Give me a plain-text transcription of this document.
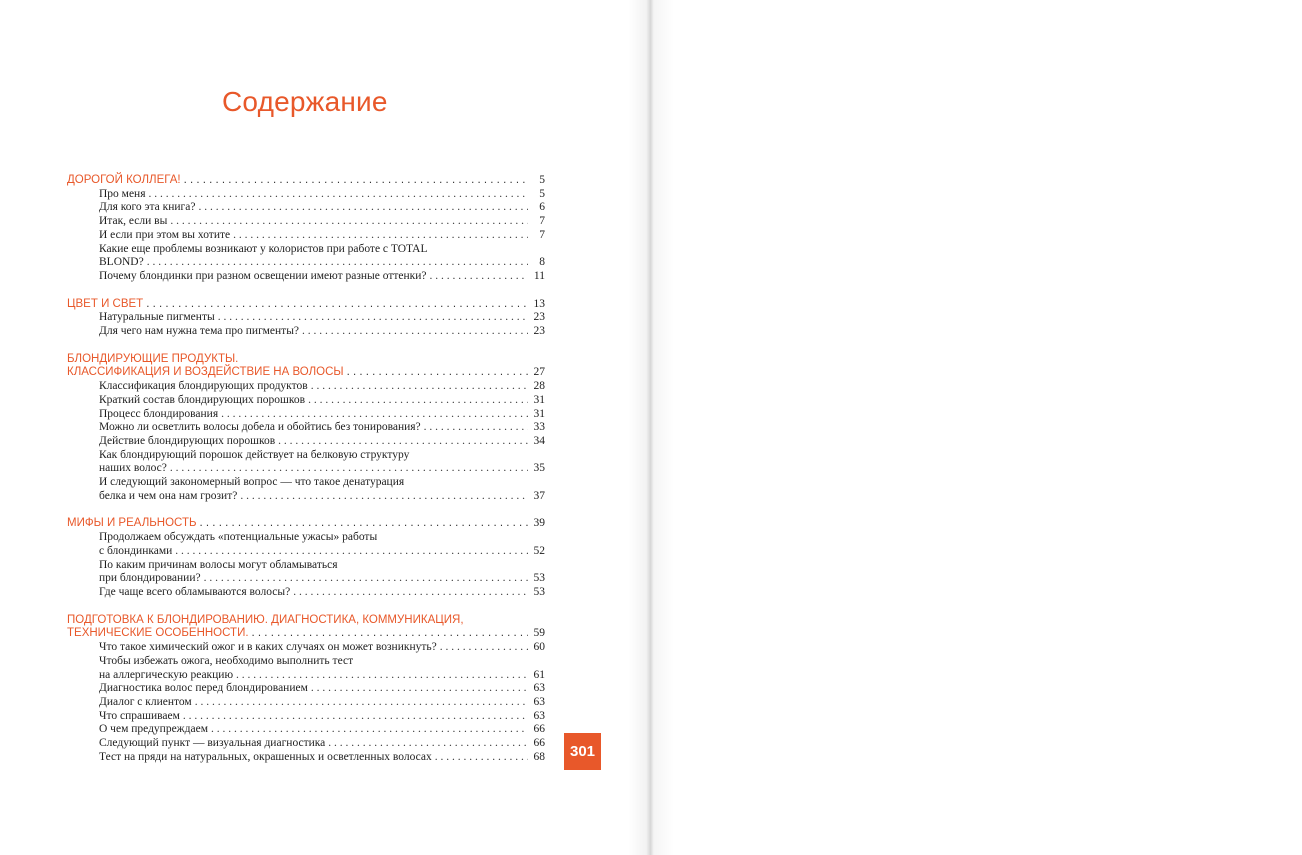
Содержание
ДОРОГОЙ КОЛЛЕГА! . . .	5
Про меня . . .	5
Для кого эта книга? . . .	6
Итак, если вы . . .	7
И если при этом вы хотите . . .	7
Какие еще проблемы возникают у колористов при работе с TOTAL
BLOND? . . .	8
Почему блондинки при разном освещении имеют разные оттенки? . . .	11
ЦВЕТ И СВЕТ . . .	13
Натуральные пигменты . . .	23
Для чего нам нужна тема про пигменты? . . .	23
БЛОНДИРУЮЩИЕ ПРОДУКТЫ.
КЛАССИФИКАЦИЯ И ВОЗДЕЙСТВИЕ НА ВОЛОСЫ . . .	27
Классификация блондирующих продуктов . . .	28
Краткий состав блондирующих порошков . . .	31
Процесс блондирования . . .	31
Можно ли осветлить волосы добела и обойтись без тонирования? . . .	33
Действие блондирующих порошков . . .	34
Как блондирующий порошок действует на белковую структуру
наших волос? . . .	35
И следующий закономерный вопрос — что такое денатурация
белка и чем она нам грозит? . . .	37
МИФЫ И РЕАЛЬНОСТЬ . . .	39
Продолжаем обсуждать «потенциальные ужасы» работы
с блондинками . . .	52
По каким причинам волосы могут обламываться
при блондировании? . . .	53
Где чаще всего обламываются волосы? . . .	53
ПОДГОТОВКА К БЛОНДИРОВАНИЮ. ДИАГНОСТИКА, КОММУНИКАЦИЯ,
ТЕХНИЧЕСКИЕ ОСОБЕННОСТИ. . . .	59
Что такое химический ожог и в каких случаях он может возникнуть? . . .	60
Чтобы избежать ожога, необходимо выполнить тест
на аллергическую реакцию . . .	61
Диагностика волос перед блондированием . . .	63
Диалог с клиентом . . .	63
Что спрашиваем . . .	63
О чем предупреждаем . . .	66
Следующий пункт — визуальная диагностика . . .	66
Тест на пряди на натуральных, окрашенных и осветленных волосах . . .	68	301
